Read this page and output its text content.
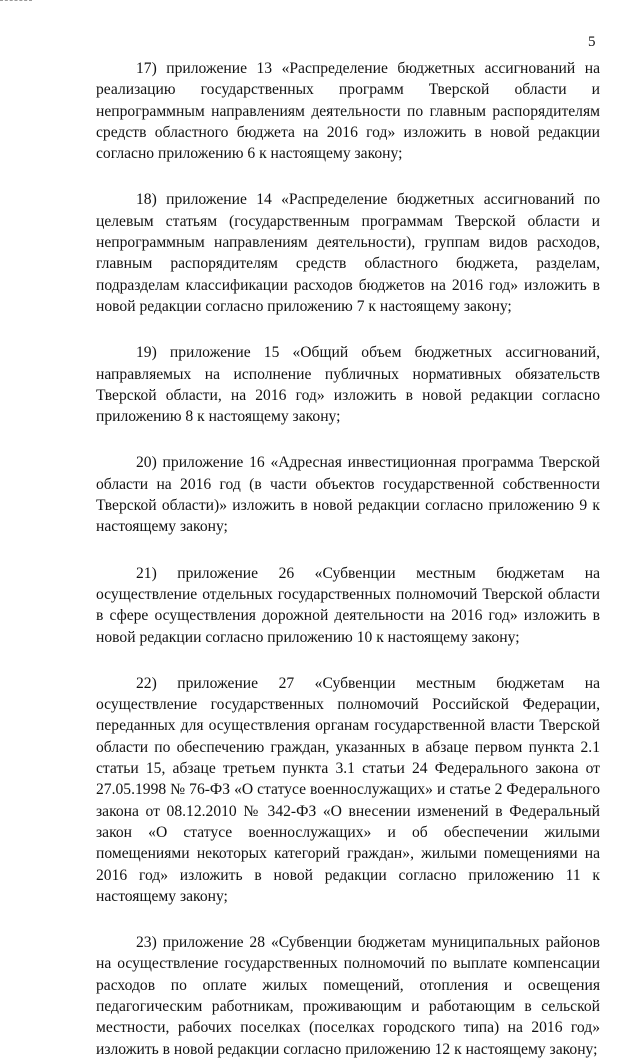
5

17) приложение 13 «Распределение бюджетных ассигнований на реализацию государственных программ Тверской области и непрограммным направлениям деятельности по главным распорядителям средств областного бюджета на 2016 год» изложить в новой редакции согласно приложению 6 к настоящему закону;

18) приложение 14 «Распределение бюджетных ассигнований по целевым статьям (государственным программам Тверской области и непрограммным направлениям деятельности), группам видов расходов, главным распорядителям средств областного бюджета, разделам, подразделам классификации расходов бюджетов на 2016 год» изложить в новой редакции согласно приложению 7 к настоящему закону;

19) приложение 15 «Общий объем бюджетных ассигнований, направляемых на исполнение публичных нормативных обязательств Тверской области, на 2016 год» изложить в новой редакции согласно приложению 8 к настоящему закону;

20) приложение 16 «Адресная инвестиционная программа Тверской области на 2016 год (в части объектов государственной собственности Тверской области)» изложить в новой редакции согласно приложению 9 к настоящему закону;

21) приложение 26 «Субвенции местным бюджетам на осуществление отдельных государственных полномочий Тверской области в сфере осуществления дорожной деятельности на 2016 год» изложить в новой редакции согласно приложению 10 к настоящему закону;

22) приложение 27 «Субвенции местным бюджетам на осуществление государственных полномочий Российской Федерации, переданных для осуществления органам государственной власти Тверской области по обеспечению граждан, указанных в абзаце первом пункта 2.1 статьи 15, абзаце третьем пункта 3.1 статьи 24 Федерального закона от 27.05.1998 № 76-ФЗ «О статусе военнослужащих» и статье 2 Федерального закона от 08.12.2010 № 342-ФЗ «О внесении изменений в Федеральный закон «О статусе военнослужащих» и об обеспечении жилыми помещениями некоторых категорий граждан», жилыми помещениями на 2016 год» изложить в новой редакции согласно приложению 11 к настоящему закону;

23) приложение 28 «Субвенции бюджетам муниципальных районов на осуществление государственных полномочий по выплате компенсации расходов по оплате жилых помещений, отопления и освещения педагогическим работникам, проживающим и работающим в сельской местности, рабочих поселках (поселках городского типа) на 2016 год» изложить в новой редакции согласно приложению 12 к настоящему закону;
